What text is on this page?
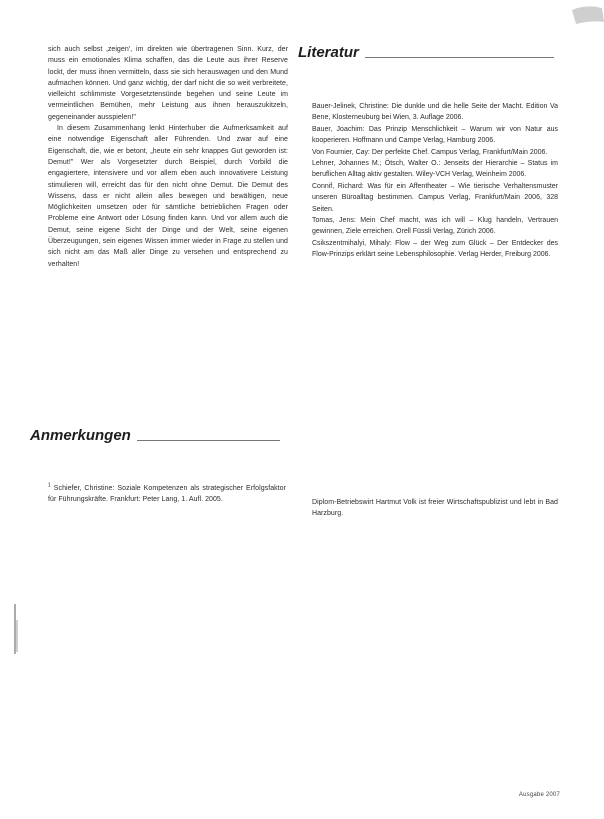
sich auch selbst ‚zeigen', im direkten wie übertragenen Sinn. Kurz, der muss ein emotionales Klima schaffen, das die Leute aus ihrer Reserve lockt, der muss ihnen vermitteln, dass sie sich herauswagen und den Mund aufmachen können. Und ganz wichtig, der darf nicht die so weit verbreitete, vielleicht schlimmste Vorgesetztensünde begehen und seine Leute im vermeintlichen Bemühen, mehr Leistung aus ihnen herauszukitzeln, gegeneinander ausspielen!"

In diesem Zusammenhang lenkt Hinterhuber die Aufmerksamkeit auf eine notwendige Eigenschaft aller Führenden. Und zwar auf eine Eigenschaft, die, wie er betont, „heute ein sehr knappes Gut geworden ist: Demut!" Wer als Vorgesetzter durch Beispiel, durch Vorbild die engagiertere, intensivere und vor allem eben auch innovativere Leistung stimulieren will, erreicht das für den nicht ohne Demut. Die Demut des Wissens, dass er nicht allein alles bewegen und bewältigen, neue Möglichkeiten umsetzen oder für sämtliche betrieblichen Fragen oder Probleme eine Antwort oder Lösung finden kann. Und vor allem auch die Demut, seine eigene Sicht der Dinge und der Welt, seine eigenen Überzeugungen, sein eigenes Wissen immer wieder in Frage zu stellen und sich nicht am das Maß aller Dinge zu versehen und entsprechend zu verhalten!

Literatur

Bauer-Jelinek, Christine: Die dunkle und die helle Seite der Macht. Edition Va Bene, Klosterneuburg bei Wien, 3. Auflage 2006.

Bauer, Joachim: Das Prinzip Menschlichkeit – Warum wir von Natur aus kooperieren. Hoffmann und Campe Verlag, Hamburg 2006.

Von Fournier, Cay: Der perfekte Chef. Campus Verlag, Frankfurt/Main 2006.

Lehner, Johannes M.; Ötsch, Walter O.: Jenseits der Hierarchie – Status im beruflichen Alltag aktiv gestalten. Wiley-VCH Verlag, Weinheim 2006.

Connif, Richard: Was für ein Affentheater – Wie tierische Verhaltensmuster unseren Büroalltag bestimmen. Campus Verlag, Frankfurt/Main 2006, 328 Seiten.

Tomas, Jens: Mein Chef macht, was ich will – Klug handeln, Vertrauen gewinnen, Ziele erreichen. Orell Füssli Verlag, Zürich 2006.

Csikszentmihalyi, Mihaly: Flow – der Weg zum Glück – Der Entdecker des Flow-Prinzips erklärt seine Lebensphilosophie. Verlag Herder, Freiburg 2006.

Anmerkungen

$^1$ Schiefer, Christine: Soziale Kompetenzen als strategischer Erfolgsfaktor für Führungskräfte. Frankfurt: Peter Lang, 1. Aufl. 2005.	Diplom-Betriebswirt Hartmut Volk ist freier Wirtschaftspublizist und lebt in Bad Harzburg.

Ausgabe 2007
